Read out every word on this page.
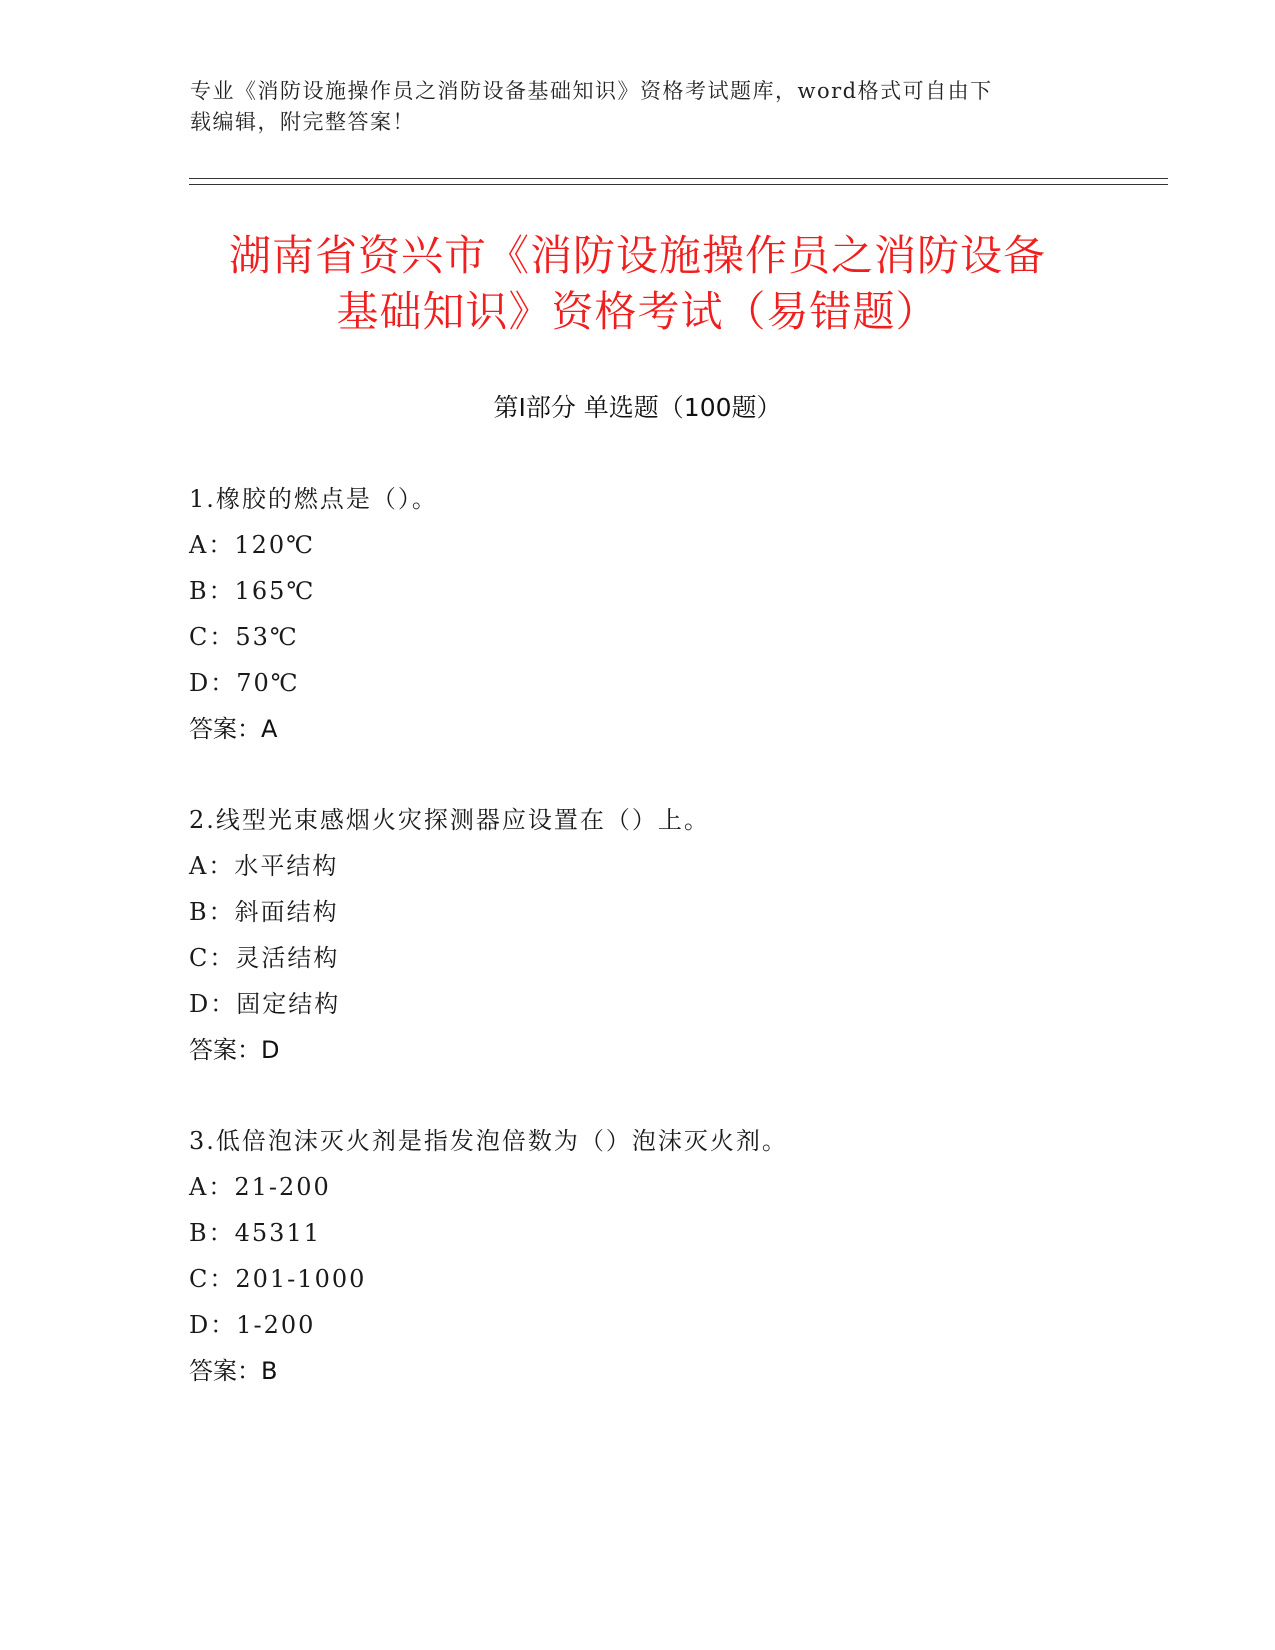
专业《消防设施操作员之消防设备基础知识》资格考试题库，word格式可自由下
载编辑，附完整答案！
湖南省资兴市《消防设施操作员之消防设备
基础知识》资格考试（易错题）
第Ⅰ部分 单选题（100题）
1.橡胶的燃点是（）。
A：120℃
B：165℃
C：53℃
D：70℃
答案：A
2.线型光束感烟火灾探测器应设置在（）上。
A：水平结构
B：斜面结构
C：灵活结构
D：固定结构
答案：D
3.低倍泡沫灭火剂是指发泡倍数为（）泡沫灭火剂。
A：21-200
B：45311
C：201-1000
D：1-200
答案：B
